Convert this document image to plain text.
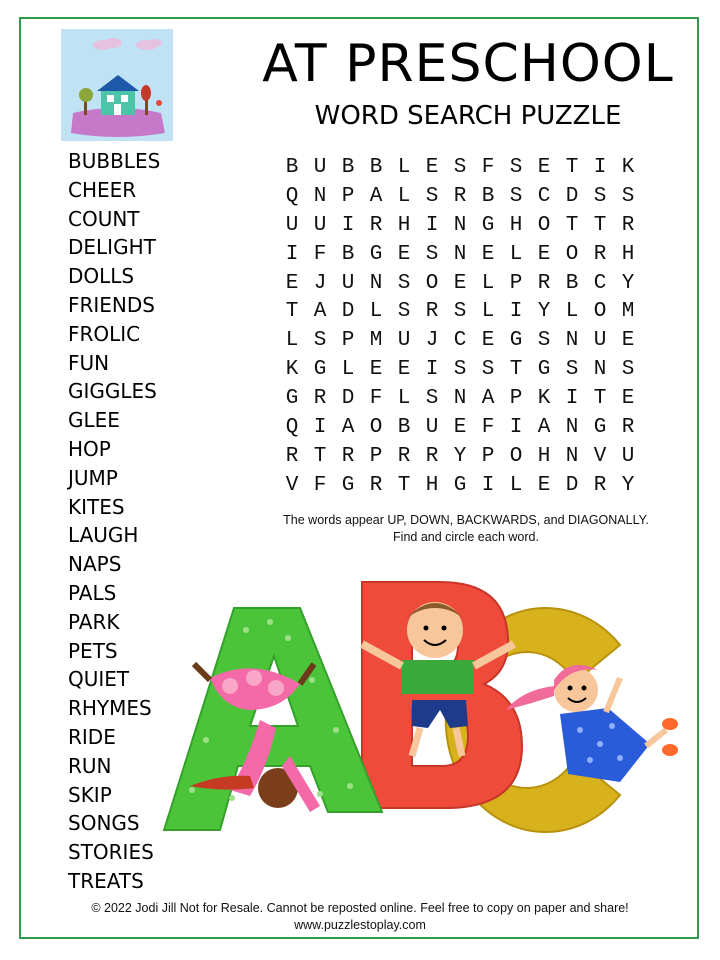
AT PRESCHOOL
WORD SEARCH PUZZLE
BUBBLES
CHEER
COUNT
DELIGHT
DOLLS
FRIENDS
FROLIC
FUN
GIGGLES
GLEE
HOP
JUMP
KITES
LAUGH
NAPS
PALS
PARK
PETS
QUIET
RHYMES
RIDE
RUN
SKIP
SONGS
STORIES
TREATS
B U B B L E S F S E T I K
Q N P A L S R B S C D S S
U U I R H I N G H O T T R
I F B G E S N E L E O R H
E J U N S O E L P R B C Y
T A D L S R S L I Y L O M
L S P M U J C E G S N U E
K G L E E I S S T G S N S
G R D F L S N A P K I T E
Q I A O B U E F I A N G R
R T R P R R Y P O H N V U
V F G R T H G I L E D R Y
The words appear UP, DOWN, BACKWARDS, and DIAGONALLY.
Find and circle each word.
© 2022 Jodi Jill Not for Resale. Cannot be reposted online. Feel free to copy on paper and share!
www.puzzlestoplay.com
